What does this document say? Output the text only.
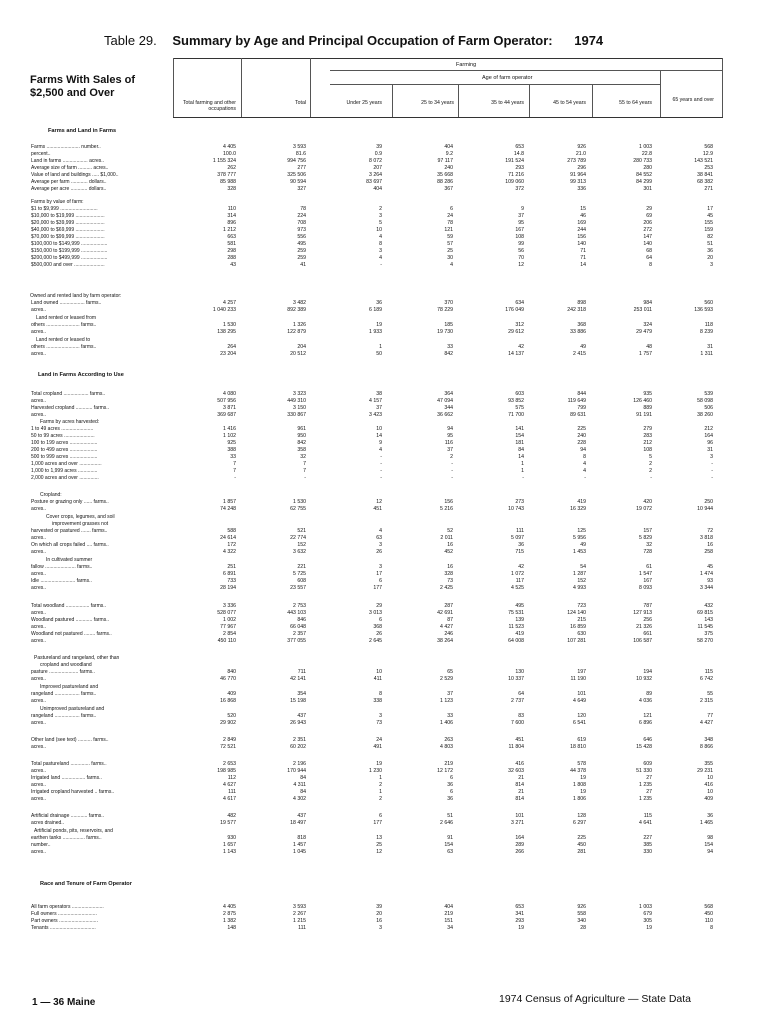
Table 29. Summary by Age and Principal Occupation of Farm Operator: 1974
Farms With Sales of $2,500 and Over
Farming
Age of farm operator
Total farming and other occupations
Total	Under 25 years	25 to 34 years	35 to 44 years	45 to 54 years	55 to 64 years	65 years and over
Farms and Land in Farms
Farms ........................ number..	4 405	3 593	39	404	653	926	1 003	568
percent..	100.0	81.6	0.9	9.2	14.8	21.0	22.8	12.9
Land in farms .................. acres..	1 155 324	994 756	8 072	97 117	191 524	273 789	280 733	143 521
Average size of farm .......... acres..	262	277	207	240	293	296	280	253
Value of land and buildings ..... $1,000..	378 777	325 506	3 264	35 668	71 216	91 964	84 552	38 841
Average per farm ............ dollars..	85 988	90 594	83 697	88 286	109 060	99 313	84 299	68 382
Average per acre ............ dollars..	328	327	404	367	372	336	301	271
Farms by value of farm:
$1 to $9,999 ...........................	110	78	2	6	9	15	29	17
$10,000 to $19,999 .....................	314	224	3	24	37	46	69	45
$20,000 to $39,999 .....................	896	708	5	78	95	169	206	155
$40,000 to $69,999 .....................	1 212	973	10	121	167	244	272	159
$70,000 to $99,999 .....................	663	556	4	59	108	156	147	82
$100,000 to $149,999 ...................	581	495	8	57	99	140	140	51
$150,000 to $199,999 ...................	298	259	3	25	56	71	68	36
$200,000 to $499,999 ...................	288	259	4	30	70	71	64	20
$500,000 and over ......................	43	41	-	4	12	14	8	3
Owned and rented land by farm operator:
Land owned .................. farms..	4 257	3 482	36	370	634	898	984	560
acres..	1 040 233	892 389	6 189	78 229	176 049	242 318	253 011	136 593
Land rented or leased from
others ........................ farms..	1 530	1 326	19	185	312	368	324	118
acres..	138 295	122 879	1 933	19 730	29 612	33 886	29 479	8 239
Land rented or leased to
others ........................ farms..	264	204	1	33	42	49	48	31
acres..	23 204	20 512	50	842	14 137	2 415	1 757	1 311
Land in Farms According to Use
Total cropland .................. farms..	4 080	3 323	38	364	603	844	935	539
acres..	507 956	449 310	4 157	47 094	93 852	119 649	126 460	58 098
Harvested cropland ............ farms..	3 871	3 150	37	344	575	799	889	506
acres..	369 687	330 867	3 423	36 662	71 700	89 631	91 191	38 260
Farms by acres harvested:
1 to 49 acres .......................	1 416	961	10	94	141	225	279	212
50 to 99 acres ......................	1 102	950	14	95	154	240	283	164
100 to 199 acres ....................	925	842	9	116	181	228	212	96
200 to 499 acres ....................	388	358	4	37	84	94	108	31
500 to 999 acres ....................	33	32	-	2	14	8	5	3
1,000 acres and over ................	7	7	-	-	1	4	2	-
1,000 to 1,999 acres ..............	7	7	-	-	1	4	2	-
2,000 acres and over ..............	-	-	-	-	-	-	-	-
Cropland:
Posture or grazing only ...... farms..	1 857	1 530	12	156	273	419	420	250
acres..	74 248	62 755	451	5 216	10 743	16 329	19 072	10 944
Cover crops, legumes, and soil
improvement grasses not
harvested or pastured ....... farms..	588	521	4	52	111	125	157	72
acres..	24 614	22 774	63	2 011	5 097	5 956	5 829	3 818
On which all crops failed .... farms..	172	152	3	16	36	49	32	16
acres..	4 322	3 632	26	452	715	1 453	728	258
In cultivated summer
fallow ...................... farms..	251	221	3	16	42	54	61	45
acres..	6 891	5 725	17	328	1 072	1 287	1 547	1 474
Idle ......................... farms..	733	608	6	73	117	152	167	93
acres..	28 194	23 557	177	2 425	4 525	4 993	8 093	3 344
Total woodland ................. farms..	3 336	2 753	29	287	495	723	787	432
acres..	528 077	443 103	3 013	42 691	75 531	124 140	127 913	69 815
Woodland pastured ............ farms..	1 002	846	6	87	139	215	256	143
acres..	77 967	66 048	368	4 427	11 523	16 859	21 326	11 545
Woodland not pastured ........ farms..	2 854	2 357	26	246	419	630	661	375
acres..	450 110	377 055	2 645	38 264	64 008	107 281	106 587	58 270
Pastureland and rangeland, other than
cropland and woodland
pasture ..................... farms..	840	711	10	65	130	197	194	115
acres..	46 770	42 141	411	2 529	10 337	11 190	10 932	6 742
Improved pastureland and
rangeland .................. farms..	409	354	8	37	64	101	89	55
acres..	16 868	15 198	338	1 123	2 737	4 649	4 036	2 315
Unimproved pastureland and
rangeland .................. farms..	520	437	3	33	83	120	121	77
acres..	29 902	26 943	73	1 406	7 600	6 541	6 896	4 427
Other land (see text) .......... farms..	2 849	2 351	24	263	451	619	646	348
acres..	72 521	60 202	491	4 803	11 804	18 810	15 428	8 866
Total pastureland .............. farms..	2 653	2 196	19	219	416	578	609	355
acres..	198 985	170 944	1 230	12 172	32 603	44 378	51 330	29 231
Irrigated land ................. farms..	112	84	1	6	21	19	27	10
acres..	4 627	4 311	2	36	814	1 808	1 235	416
Irrigated cropland harvested .. farms..	111	84	1	6	21	19	27	10
acres..	4 617	4 302	2	36	814	1 806	1 235	409
Artificial drainage ............ farms..	482	437	6	51	101	128	115	36
acres drained..	19 577	18 497	177	2 646	3 271	6 297	4 641	1 465
Artificial ponds, pits, reservoirs, and
earthen tanks ................ farms..	930	818	13	91	164	225	227	98
number..	1 657	1 457	25	154	289	450	385	154
acres..	1 143	1 045	12	63	266	281	330	94
Race and Tenure of Farm Operator
All farm operators .......................	4 405	3 593	39	404	653	926	1 003	568
Full owners ............................	2 875	2 267	20	219	341	558	679	450
Part owners ............................	1 382	1 215	16	151	293	340	305	110
Tenants .................................	148	111	3	34	19	28	19	8
1 — 36 Maine	1974 Census of Agriculture — State Data
